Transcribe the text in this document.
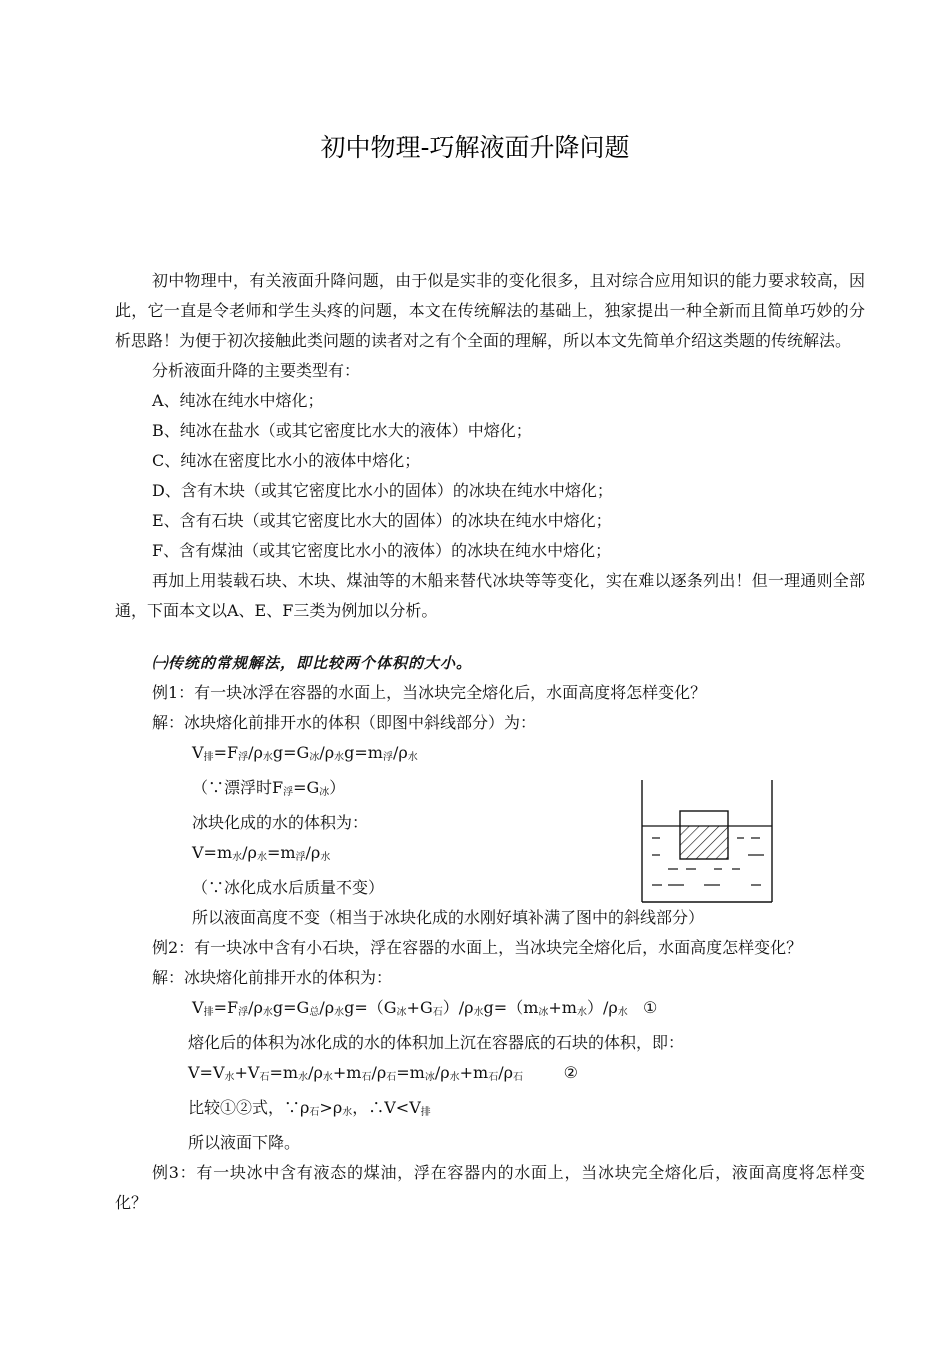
初中物理-巧解液面升降问题

初中物理中，有关液面升降问题，由于似是实非的变化很多，且对综合应用知识的能力要求较高，因此，它一直是令老师和学生头疼的问题，本文在传统解法的基础上，独家提出一种全新而且简单巧妙的分析思路！为便于初次接触此类问题的读者对之有个全面的理解，所以本文先简单介绍这类题的传统解法。

分析液面升降的主要类型有：

A、纯冰在纯水中熔化；

B、纯冰在盐水（或其它密度比水大的液体）中熔化；

C、纯冰在密度比水小的液体中熔化；

D、含有木块（或其它密度比水小的固体）的冰块在纯水中熔化；

E、含有石块（或其它密度比水大的固体）的冰块在纯水中熔化；

F、含有煤油（或其它密度比水小的液体）的冰块在纯水中熔化；

再加上用装载石块、木块、煤油等的木船来替代冰块等等变化，实在难以逐条列出！但一理通则全部通，下面本文以A、E、F三类为例加以分析。

㈠传统的常规解法，即比较两个体积的大小。

例1：有一块冰浮在容器的水面上，当冰块完全熔化后，水面高度将怎样变化？

解：冰块熔化前排开水的体积（即图中斜线部分）为：

$V_排=F_浮/\rho_水g=G_冰/\rho_水g=m_浮/\rho_水$

（∵漂浮时$F_浮=G_冰$）

冰块化成的水的体积为：

$V=m_水/\rho_水=m_浮/\rho_水$

（∵冰化成水后质量不变）

所以液面高度不变（相当于冰块化成的水刚好填补满了图中的斜线部分）

例2：有一块冰中含有小石块，浮在容器的水面上，当冰块完全熔化后，水面高度怎样变化？

解：冰块熔化前排开水的体积为：

$V_排=F_浮/\rho_水g=G_总/\rho_水g=(G_冰+G_石)/\rho_水g=(m_冰+m_水)/\rho_水$ ①

熔化后的体积为冰化成的水的体积加上沉在容器底的石块的体积，即：

$V=V_水+V_石=m_水/\rho_水+m_石/\rho_石=m_冰/\rho_水+m_石/\rho_石$	②

比较①②式，$\because\rho_石>\rho_水$，$\therefore V<V_排$

所以液面下降。

例3：有一块冰中含有液态的煤油，浮在容器内的水面上，当冰块完全熔化后，液面高度将怎样变化？
